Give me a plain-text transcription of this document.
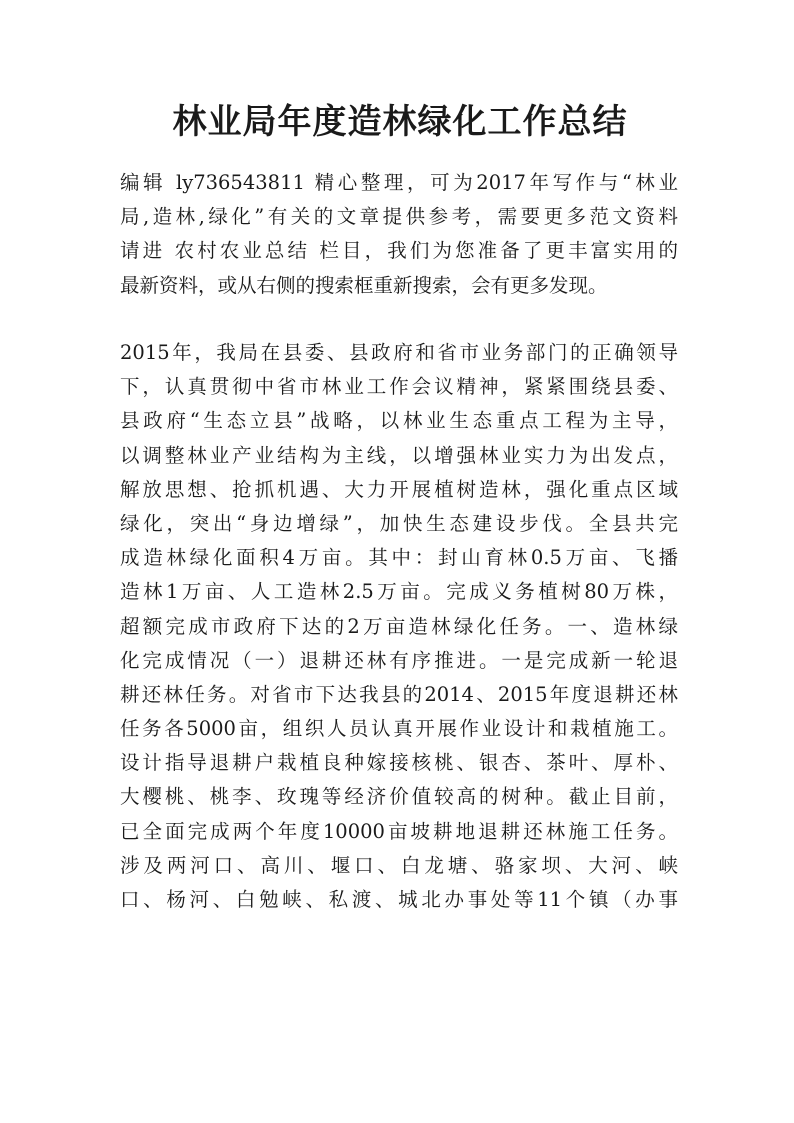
林业局年度造林绿化工作总结

编辑 ly736543811 精心整理，可为2017年写作与“林业
局,造林,绿化”有关的文章提供参考，需要更多范文资料
请进 农村农业总结 栏目，我们为您准备了更丰富实用的
最新资料，或从右侧的搜索框重新搜索，会有更多发现。

2015年，我局在县委、县政府和省市业务部门的正确领导
下，认真贯彻中省市林业工作会议精神，紧紧围绕县委、
县政府“生态立县”战略，以林业生态重点工程为主导，
以调整林业产业结构为主线，以增强林业实力为出发点，
解放思想、抢抓机遇、大力开展植树造林，强化重点区域
绿化，突出“身边增绿”，加快生态建设步伐。全县共完
成造林绿化面积4万亩。其中：封山育林0.5万亩、飞播
造林1万亩、人工造林2.5万亩。完成义务植树80万株，
超额完成市政府下达的2万亩造林绿化任务。一、造林绿
化完成情况（一）退耕还林有序推进。一是完成新一轮退
耕还林任务。对省市下达我县的2014、2015年度退耕还林
任务各5000亩，组织人员认真开展作业设计和栽植施工。
设计指导退耕户栽植良种嫁接核桃、银杏、茶叶、厚朴、
大樱桃、桃李、玫瑰等经济价值较高的树种。截止目前，
已全面完成两个年度10000亩坡耕地退耕还林施工任务。
涉及两河口、高川、堰口、白龙塘、骆家坝、大河、峡
口、杨河、白勉峡、私渡、城北办事处等11个镇（办事
